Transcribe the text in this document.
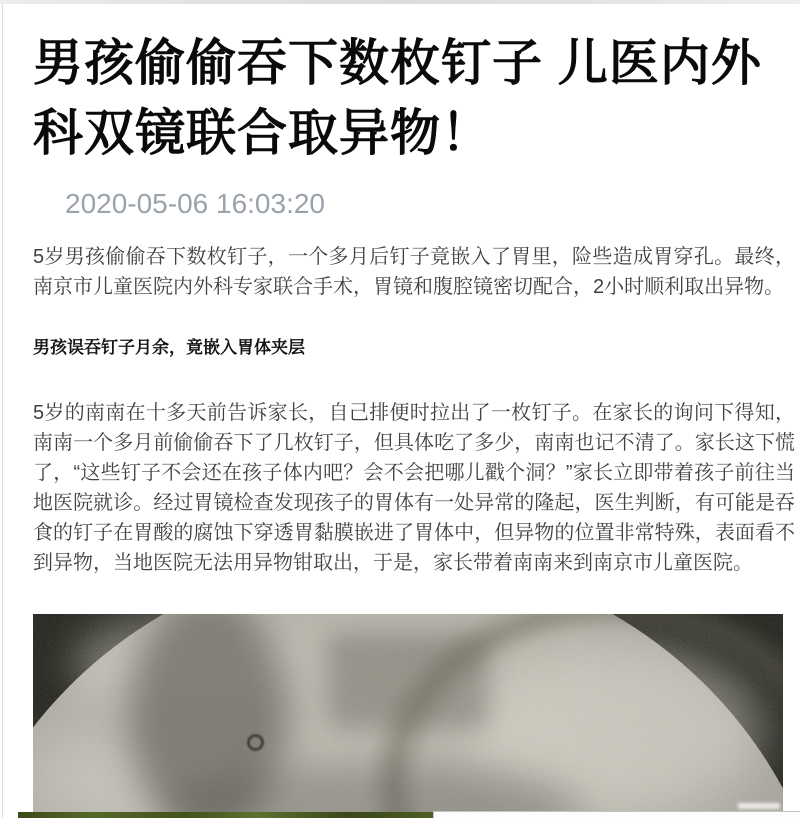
男孩偷偷吞下数枚钉子 儿医内外科双镜联合取异物！
2020-05-06 16:03:20

5岁男孩偷偷吞下数枚钉子，一个多月后钉子竟嵌入了胃里，险些造成胃穿孔。最终，南京市儿童医院内外科专家联合手术，胃镜和腹腔镜密切配合，2小时顺利取出异物。

男孩误吞钉子月余，竟嵌入胃体夹层

5岁的南南在十多天前告诉家长，自己排便时拉出了一枚钉子。在家长的询问下得知，南南一个多月前偷偷吞下了几枚钉子，但具体吃了多少，南南也记不清了。家长这下慌了，“这些钉子不会还在孩子体内吧？会不会把哪儿戳个洞？”家长立即带着孩子前往当地医院就诊。经过胃镜检查发现孩子的胃体有一处异常的隆起，医生判断，有可能是吞食的钉子在胃酸的腐蚀下穿透胃黏膜嵌进了胃体中，但异物的位置非常特殊，表面看不到异物，当地医院无法用异物钳取出，于是，家长带着南南来到南京市儿童医院。
